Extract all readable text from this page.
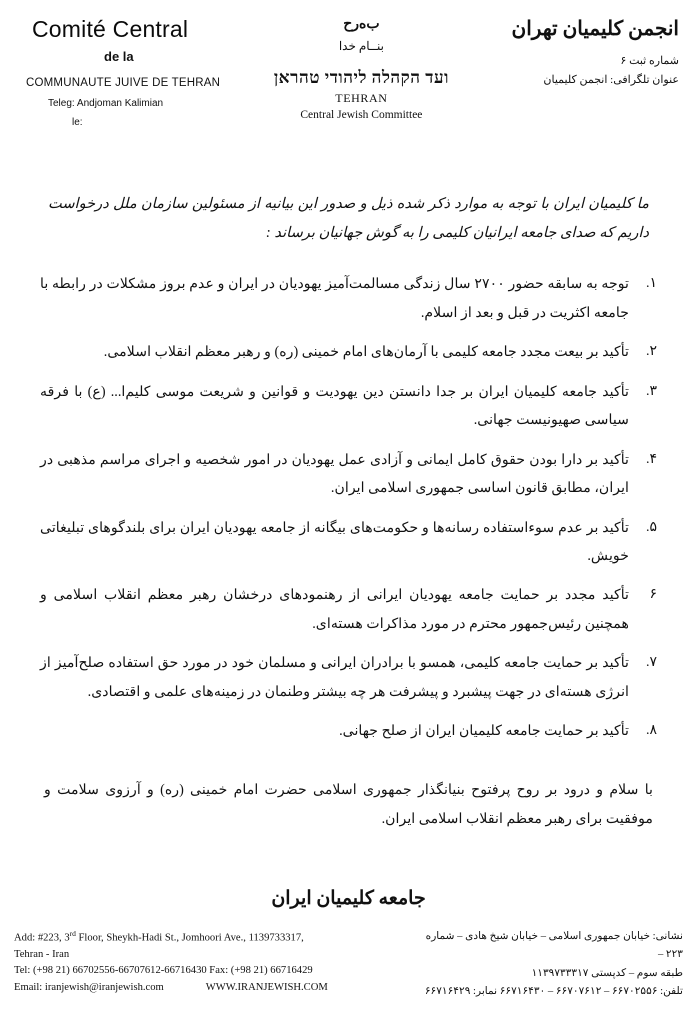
Comité Central
de la
COMMUNAUTE JUIVE DE TEHRAN
Teleg: Andjoman Kalimian
le:
ب‌ه‌ر‌ح
بنــام خدا
ועד הקהלה ליהודי טהראן
TEHRAN
Central Jewish Committee
انجمن کلیمیان تهران
شماره ثبت ۶
عنوان تلگرافی: انجمن کلیمیان
ما کلیمیان ایران با توجه به موارد ذکر شده ذیل و صدور این بیانیه از مسئولین سازمان ملل درخواست داریم که صدای جامعه ایرانیان کلیمی را به گوش جهانیان برساند :
۱.
توجه به سابقه حضور ۲۷۰۰ سال زندگی مسالمت‌آمیز یهودیان در ایران و عدم بروز مشکلات در رابطه با جامعه اکثریت در قبل و بعد از اسلام.
۲.
تأکید بر بیعت مجدد جامعه کلیمی با آرمان‌های امام خمینی (ره) و رهبر معظم انقلاب اسلامی.
۳.
تأکید جامعه کلیمیان ایران بر جدا دانستن دین یهودیت و قوانین و شریعت موسی کلیم‌ا... (ع) با فرقه سیاسی صهیونیست جهانی.
۴.
تأکید بر دارا بودن حقوق کامل ایمانی و آزادی عمل یهودیان در امور شخصیه و اجرای مراسم مذهبی در ایران، مطابق قانون اساسی جمهوری اسلامی ایران.
۵.
تأکید بر عدم سوءاستفاده رسانه‌ها و حکومت‌های بیگانه از جامعه یهودیان ایران برای بلندگوهای تبلیغاتی خویش.
۶
تأکید مجدد بر حمایت جامعه یهودیان ایرانی از رهنمودهای درخشان رهبر معظم انقلاب اسلامی و همچنین رئیس‌جمهور محترم در مورد مذاکرات هسته‌ای.
۷.
تأکید بر حمایت جامعه کلیمی، همسو با برادران ایرانی و مسلمان خود در مورد حق استفاده صلح‌آمیز از انرژی هسته‌ای در جهت پیشبرد و پیشرفت هر چه بیشتر وطنمان در زمینه‌های علمی و اقتصادی.
۸.
تأکید بر حمایت جامعه کلیمیان ایران از صلح جهانی.
با سلام و درود بر روح پرفتوح بنیانگذار جمهوری اسلامی حضرت امام خمینی (ره) و آرزوی سلامت و موفقیت برای رهبر معظم انقلاب اسلامی ایران.
جامعه کلیمیان ایران
Add: #223, 3rd Floor, Sheykh-Hadi St., Jomhoori Ave., 1139733317,
Tehran - Iran
Tel: (+98 21) 66702556-66707612-66716430 Fax: (+98 21) 66716429
Email: iranjewish@iranjewish.com	WWW.IRANJEWISH.COM
نشانی: خیابان جمهوری اسلامی – خیابان شیخ هادی – شماره ۲۲۳ –
طبقه سوم – کدپستی ۱۱۳۹۷۳۳۳۱۷
تلفن: ۶۶۷۰۲۵۵۶ – ۶۶۷۰۷۶۱۲ – ۶۶۷۱۶۴۳۰ نمابر: ۶۶۷۱۶۴۲۹
